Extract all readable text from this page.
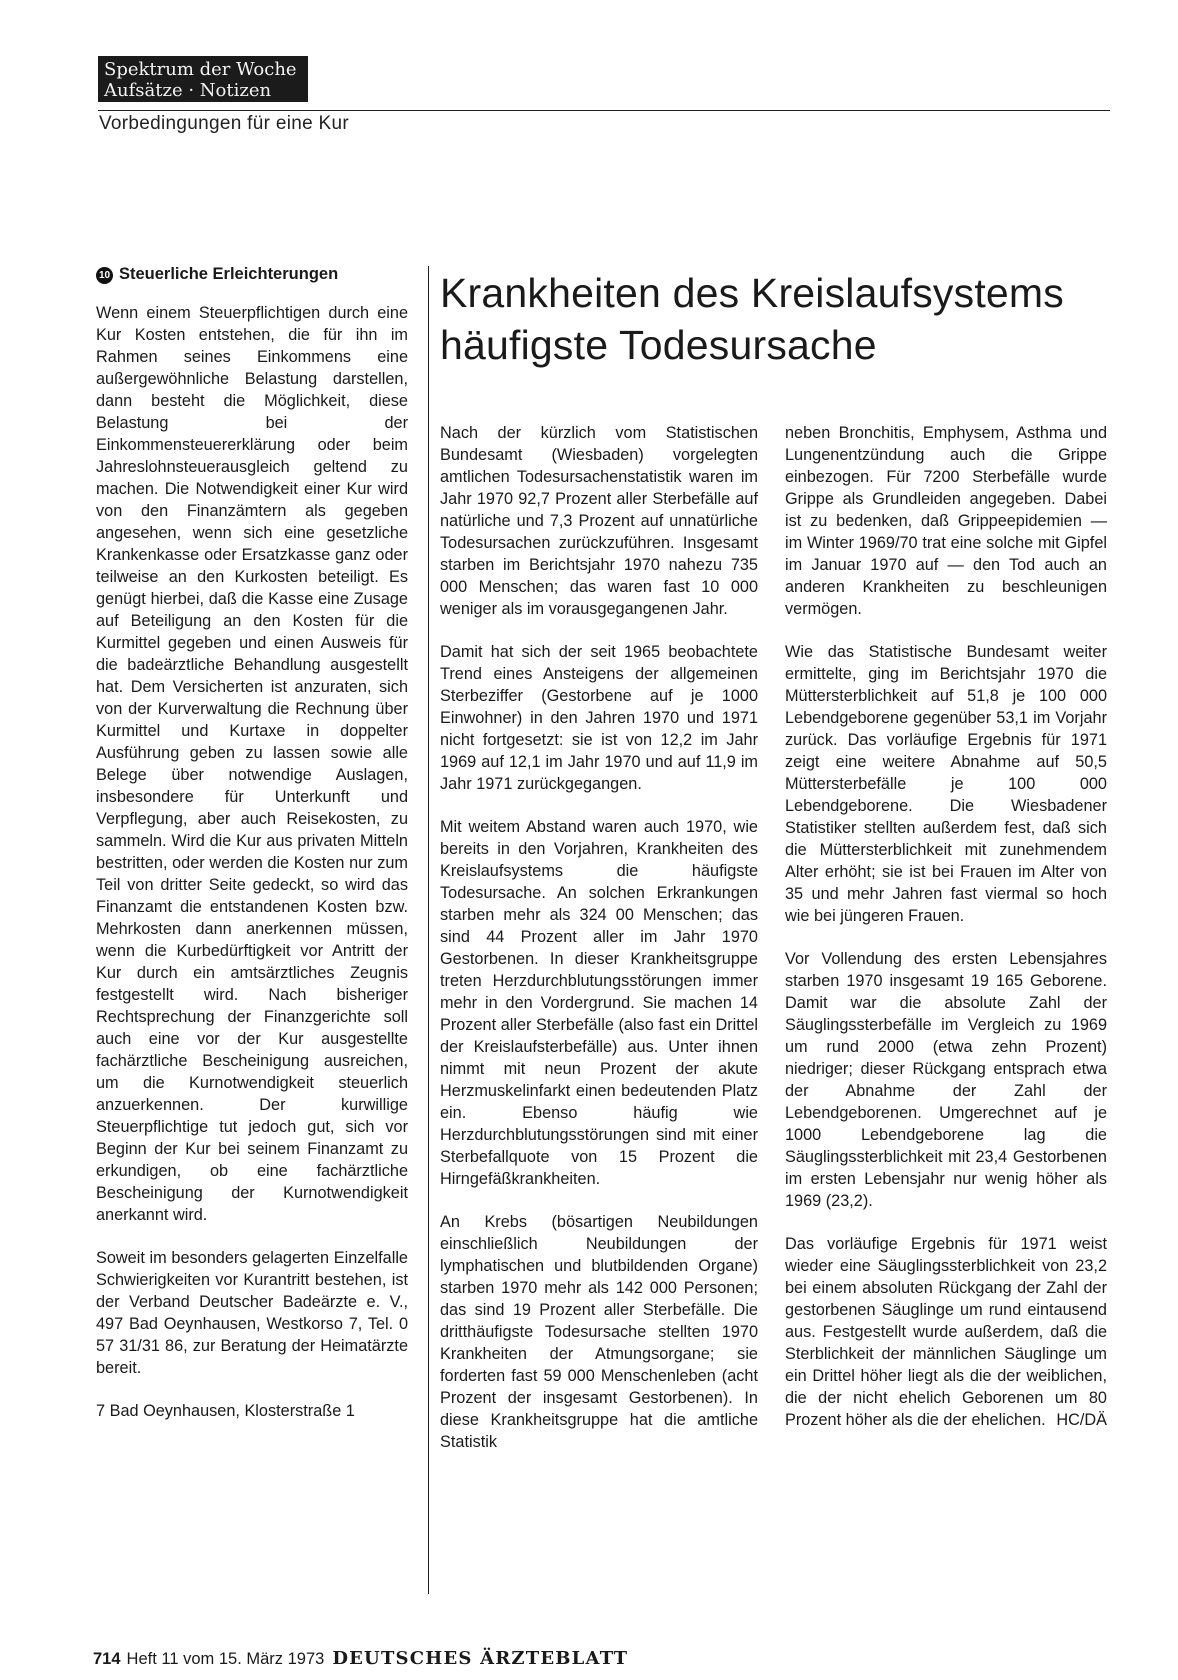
Spektrum der Woche
Aufsätze · Notizen
Vorbedingungen für eine Kur
10 Steuerliche Erleichterungen

Wenn einem Steuerpflichtigen durch eine Kur Kosten entstehen, die für ihn im Rahmen seines Einkommens eine außergewöhnliche Belastung darstellen, dann besteht die Möglichkeit, diese Belastung bei der Einkommensteuererklärung oder beim Jahreslohnsteuerausgleich geltend zu machen. Die Notwendigkeit einer Kur wird von den Finanzämtern als gegeben angesehen, wenn sich eine gesetzliche Krankenkasse oder Ersatzkasse ganz oder teilweise an den Kurkosten beteiligt. Es genügt hierbei, daß die Kasse eine Zusage auf Beteiligung an den Kosten für die Kurmittel gegeben und einen Ausweis für die badeärztliche Behandlung ausgestellt hat. Dem Versicherten ist anzuraten, sich von der Kurverwaltung die Rechnung über Kurmittel und Kurtaxe in doppelter Ausführung geben zu lassen sowie alle Belege über notwendige Auslagen, insbesondere für Unterkunft und Verpflegung, aber auch Reisekosten, zu sammeln. Wird die Kur aus privaten Mitteln bestritten, oder werden die Kosten nur zum Teil von dritter Seite gedeckt, so wird das Finanzamt die entstandenen Kosten bzw. Mehrkosten dann anerkennen müssen, wenn die Kurbedürftigkeit vor Antritt der Kur durch ein amtsärztliches Zeugnis festgestellt wird. Nach bisheriger Rechtsprechung der Finanzgerichte soll auch eine vor der Kur ausgestellte fachärztliche Bescheinigung ausreichen, um die Kurnotwendigkeit steuerlich anzuerkennen. Der kurwillige Steuerpflichtige tut jedoch gut, sich vor Beginn der Kur bei seinem Finanzamt zu erkundigen, ob eine fachärztliche Bescheinigung der Kurnotwendigkeit anerkannt wird.

Soweit im besonders gelagerten Einzelfalle Schwierigkeiten vor Kurantritt bestehen, ist der Verband Deutscher Badeärzte e. V., 497 Bad Oeynhausen, Westkorso 7, Tel. 0 57 31/31 86, zur Beratung der Heimatärzte bereit.

7 Bad Oeynhausen, Klosterstraße 1

Krankheiten des Kreislaufsystems
häufigste Todesursache

Nach der kürzlich vom Statistischen Bundesamt (Wiesbaden) vorgelegten amtlichen Todesursachenstatistik waren im Jahr 1970 92,7 Prozent aller Sterbefälle auf natürliche und 7,3 Prozent auf unnatürliche Todesursachen zurückzuführen. Insgesamt starben im Berichtsjahr 1970 nahezu 735 000 Menschen; das waren fast 10 000 weniger als im vorausgegangenen Jahr.

Damit hat sich der seit 1965 beobachtete Trend eines Ansteigens der allgemeinen Sterbeziffer (Gestorbene auf je 1000 Einwohner) in den Jahren 1970 und 1971 nicht fortgesetzt: sie ist von 12,2 im Jahr 1969 auf 12,1 im Jahr 1970 und auf 11,9 im Jahr 1971 zurückgegangen.

Mit weitem Abstand waren auch 1970, wie bereits in den Vorjahren, Krankheiten des Kreislaufsystems die häufigste Todesursache. An solchen Erkrankungen starben mehr als 324 00 Menschen; das sind 44 Prozent aller im Jahr 1970 Gestorbenen. In dieser Krankheitsgruppe treten Herzdurchblutungsstörungen immer mehr in den Vordergrund. Sie machen 14 Prozent aller Sterbefälle (also fast ein Drittel der Kreislaufsterbefälle) aus. Unter ihnen nimmt mit neun Prozent der akute Herzmuskelinfarkt einen bedeutenden Platz ein. Ebenso häufig wie Herzdurchblutungsstörungen sind mit einer Sterbefallquote von 15 Prozent die Hirngefäßkrankheiten.

An Krebs (bösartigen Neubildungen einschließlich Neubildungen der lymphatischen und blutbildenden Organe) starben 1970 mehr als 142 000 Personen; das sind 19 Prozent aller Sterbefälle. Die dritthäufigste Todesursache stellten 1970 Krankheiten der Atmungsorgane; sie forderten fast 59 000 Menschenleben (acht Prozent der insgesamt Gestorbenen). In diese Krankheitsgruppe hat die amtliche Statistik

neben Bronchitis, Emphysem, Asthma und Lungenentzündung auch die Grippe einbezogen. Für 7200 Sterbefälle wurde Grippe als Grundleiden angegeben. Dabei ist zu bedenken, daß Grippeepidemien — im Winter 1969/70 trat eine solche mit Gipfel im Januar 1970 auf — den Tod auch an anderen Krankheiten zu beschleunigen vermögen.

Wie das Statistische Bundesamt weiter ermittelte, ging im Berichtsjahr 1970 die Müttersterblichkeit auf 51,8 je 100 000 Lebendgeborene gegenüber 53,1 im Vorjahr zurück. Das vorläufige Ergebnis für 1971 zeigt eine weitere Abnahme auf 50,5 Müttersterbefälle je 100 000 Lebendgeborene. Die Wiesbadener Statistiker stellten außerdem fest, daß sich die Müttersterblichkeit mit zunehmendem Alter erhöht; sie ist bei Frauen im Alter von 35 und mehr Jahren fast viermal so hoch wie bei jüngeren Frauen.

Vor Vollendung des ersten Lebensjahres starben 1970 insgesamt 19 165 Geborene. Damit war die absolute Zahl der Säuglingssterbefälle im Vergleich zu 1969 um rund 2000 (etwa zehn Prozent) niedriger; dieser Rückgang entsprach etwa der Abnahme der Zahl der Lebendgeborenen. Umgerechnet auf je 1000 Lebendgeborene lag die Säuglingssterblichkeit mit 23,4 Gestorbenen im ersten Lebensjahr nur wenig höher als 1969 (23,2).

Das vorläufige Ergebnis für 1971 weist wieder eine Säuglingssterblichkeit von 23,2 bei einem absoluten Rückgang der Zahl der gestorbenen Säuglinge um rund eintausend aus. Festgestellt wurde außerdem, daß die Sterblichkeit der männlichen Säuglinge um ein Drittel höher liegt als die der weiblichen, die der nicht ehelich Geborenen um 80 Prozent höher als die der ehelichen. HC/DÄ

714 Heft 11 vom 15. März 1973 DEUTSCHES ÄRZTEBLATT
